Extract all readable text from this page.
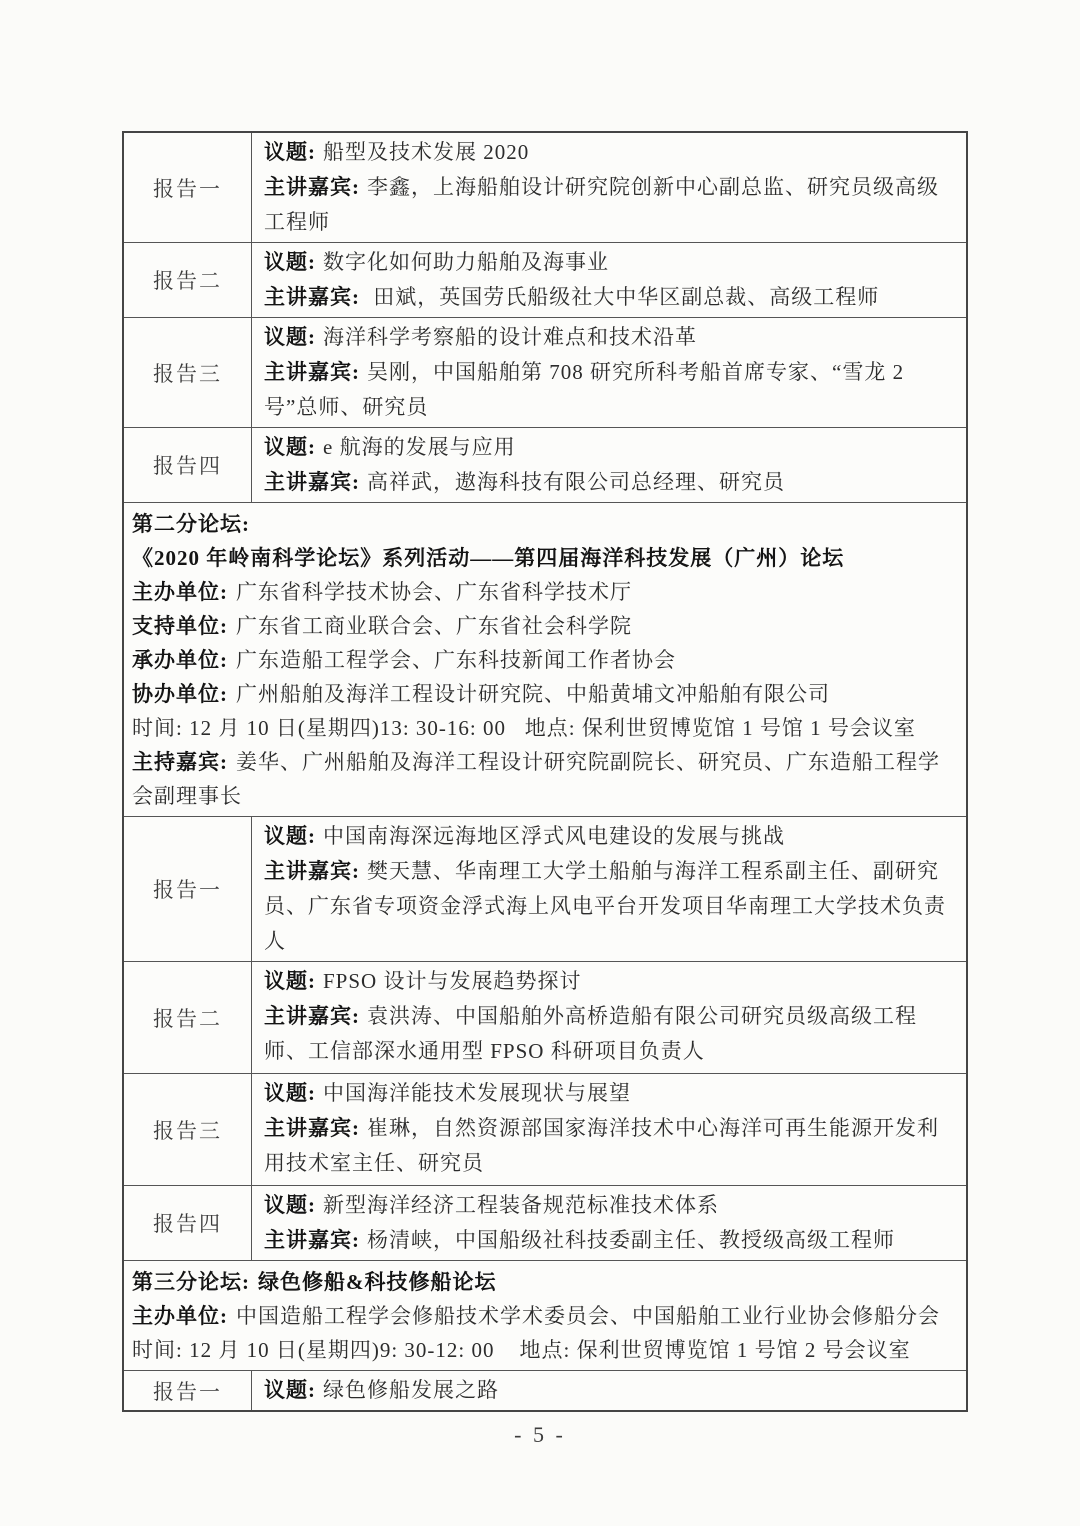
报告一
议题: 船型及技术发展 2020
主讲嘉宾: 李鑫，上海船舶设计研究院创新中心副总监、研究员级高级工程师
报告二
议题: 数字化如何助力船舶及海事业
主讲嘉宾: 田斌，英国劳氏船级社大中华区副总裁、高级工程师
报告三
议题: 海洋科学考察船的设计难点和技术沿革
主讲嘉宾: 吴刚，中国船舶第 708 研究所科考船首席专家、“雪龙 2 号”总师、研究员
报告四
议题: e 航海的发展与应用
主讲嘉宾: 高祥武，遨海科技有限公司总经理、研究员
第二分论坛:
《2020 年岭南科学论坛》系列活动——第四届海洋科技发展（广州）论坛
主办单位: 广东省科学技术协会、广东省科学技术厅
支持单位: 广东省工商业联合会、广东省社会科学院
承办单位: 广东造船工程学会、广东科技新闻工作者协会
协办单位: 广州船舶及海洋工程设计研究院、中船黄埔文冲船舶有限公司
时间: 12 月 10 日(星期四)13: 30-16: 00   地点: 保利世贸博览馆 1 号馆 1 号会议室
主持嘉宾: 姜华、广州船舶及海洋工程设计研究院副院长、研究员、广东造船工程学会副理事长
报告一
议题: 中国南海深远海地区浮式风电建设的发展与挑战
主讲嘉宾: 樊天慧、华南理工大学土船舶与海洋工程系副主任、副研究员、广东省专项资金浮式海上风电平台开发项目华南理工大学技术负责人
报告二
议题: FPSO 设计与发展趋势探讨
主讲嘉宾: 袁洪涛、中国船舶外高桥造船有限公司研究员级高级工程师、工信部深水通用型 FPSO 科研项目负责人
报告三
议题: 中国海洋能技术发展现状与展望
主讲嘉宾: 崔琳，自然资源部国家海洋技术中心海洋可再生能源开发利用技术室主任、研究员
报告四
议题: 新型海洋经济工程装备规范标准技术体系
主讲嘉宾: 杨清峡，中国船级社科技委副主任、教授级高级工程师
第三分论坛: 绿色修船&科技修船论坛
主办单位: 中国造船工程学会修船技术学术委员会、中国船舶工业行业协会修船分会
时间: 12 月 10 日(星期四)9: 30-12: 00    地点: 保利世贸博览馆 1 号馆 2 号会议室
报告一	议题: 绿色修船发展之路
- 5 -
